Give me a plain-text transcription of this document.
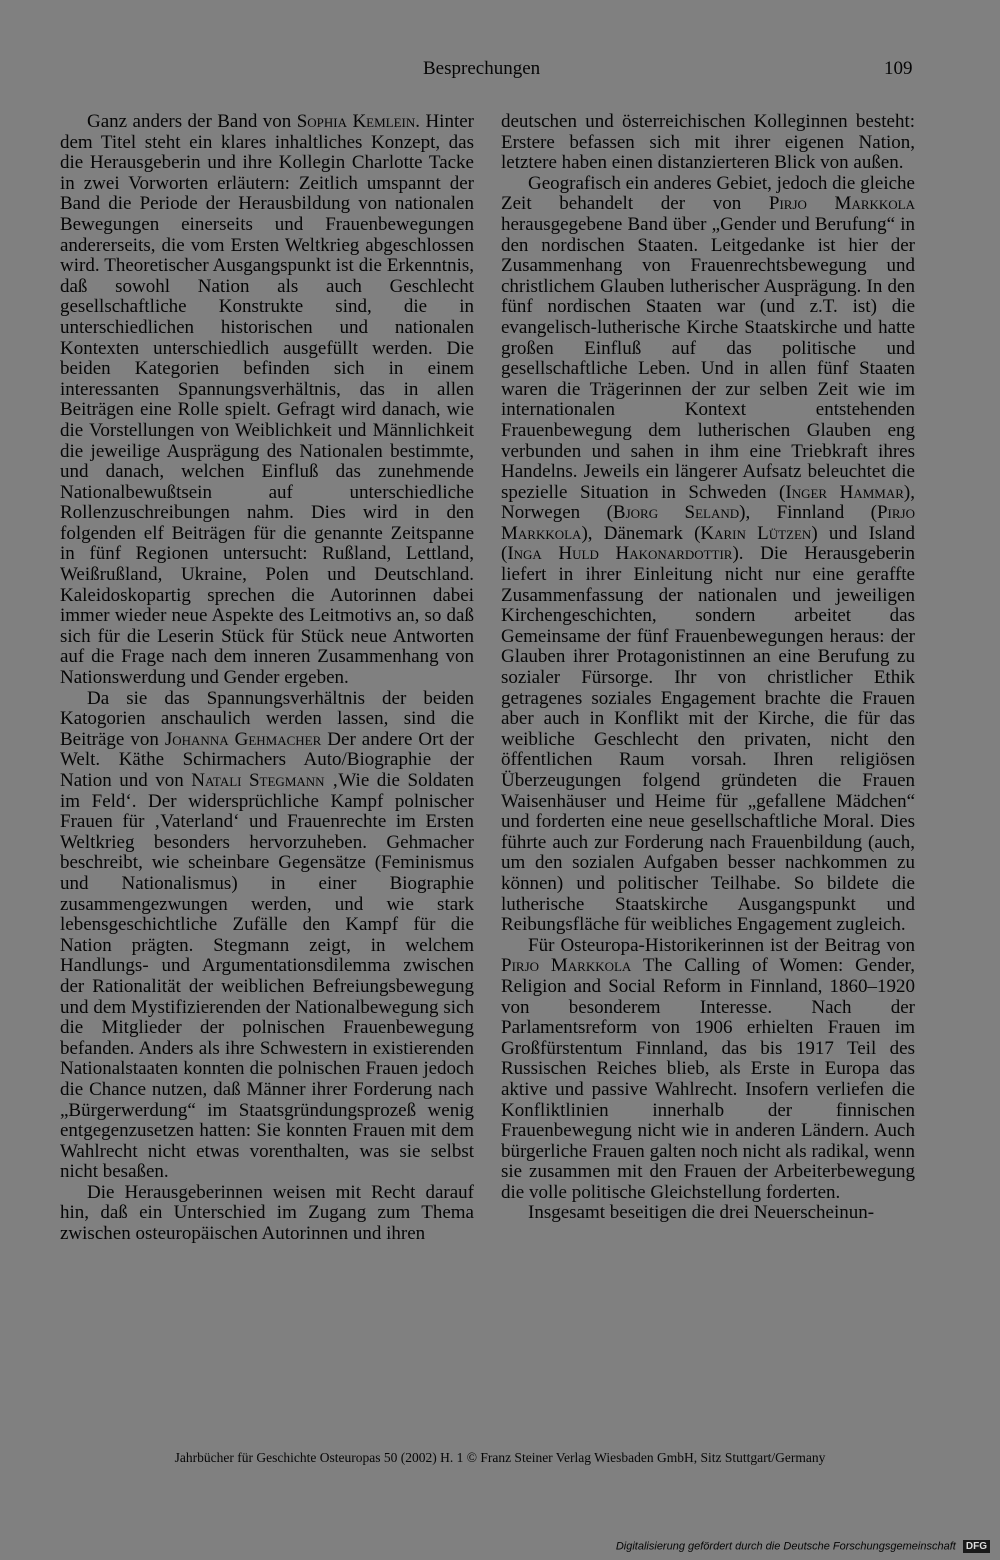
Besprechungen	109

Ganz anders der Band von Sophia Kemlein. Hinter dem Titel steht ein klares inhaltliches Konzept, das die Herausgeberin und ihre Kollegin Charlotte Tacke in zwei Vorworten erläutern: Zeitlich umspannt der Band die Periode der Herausbildung von nationalen Bewegungen einerseits und Frauenbewegungen andererseits, die vom Ersten Weltkrieg abgeschlossen wird. Theoretischer Ausgangspunkt ist die Erkenntnis, daß sowohl Nation als auch Geschlecht gesellschaftliche Konstrukte sind, die in unterschiedlichen historischen und nationalen Kontexten unterschiedlich ausgefüllt werden. Die beiden Kategorien befinden sich in einem interessanten Spannungsverhältnis, das in allen Beiträgen eine Rolle spielt. Gefragt wird danach, wie die Vorstellungen von Weiblichkeit und Männlichkeit die jeweilige Ausprägung des Nationalen bestimmte, und danach, welchen Einfluß das zunehmende Nationalbewußtsein auf unterschiedliche Rollenzuschreibungen nahm. Dies wird in den folgenden elf Beiträgen für die genannte Zeitspanne in fünf Regionen untersucht: Rußland, Lettland, Weißrußland, Ukraine, Polen und Deutschland. Kaleidoskopartig sprechen die Autorinnen dabei immer wieder neue Aspekte des Leitmotivs an, so daß sich für die Leserin Stück für Stück neue Antworten auf die Frage nach dem inneren Zusammenhang von Nationswerdung und Gender ergeben.

Da sie das Spannungsverhältnis der beiden Katogorien anschaulich werden lassen, sind die Beiträge von Johanna Gehmacher Der andere Ort der Welt. Käthe Schirmachers Auto/Biographie der Nation und von Natali Stegmann ‚Wie die Soldaten im Feld‘. Der widersprüchliche Kampf polnischer Frauen für ‚Vaterland‘ und Frauenrechte im Ersten Weltkrieg besonders hervorzuheben. Gehmacher beschreibt, wie scheinbare Gegensätze (Feminismus und Nationalismus) in einer Biographie zusammengezwungen werden, und wie stark lebensgeschichtliche Zufälle den Kampf für die Nation prägten. Stegmann zeigt, in welchem Handlungs- und Argumentationsdilemma zwischen der Rationalität der weiblichen Befreiungsbewegung und dem Mystifizierenden der Nationalbewegung sich die Mitglieder der polnischen Frauenbewegung befanden. Anders als ihre Schwestern in existierenden Nationalstaaten konnten die polnischen Frauen jedoch die Chance nutzen, daß Männer ihrer Forderung nach „Bürgerwerdung“ im Staatsgründungsprozeß wenig entgegenzusetzen hatten: Sie konnten Frauen mit dem Wahlrecht nicht etwas vorenthalten, was sie selbst nicht besaßen.

Die Herausgeberinnen weisen mit Recht darauf hin, daß ein Unterschied im Zugang zum Thema zwischen osteuropäischen Autorinnen und ihren

deutschen und österreichischen Kolleginnen besteht: Erstere befassen sich mit ihrer eigenen Nation, letztere haben einen distanzierteren Blick von außen.

Geografisch ein anderes Gebiet, jedoch die gleiche Zeit behandelt der von Pirjo Markkola herausgegebene Band über „Gender und Berufung“ in den nordischen Staaten. Leitgedanke ist hier der Zusammenhang von Frauenrechtsbewegung und christlichem Glauben lutherischer Ausprägung. In den fünf nordischen Staaten war (und z.T. ist) die evangelisch-lutherische Kirche Staatskirche und hatte großen Einfluß auf das politische und gesellschaftliche Leben. Und in allen fünf Staaten waren die Trägerinnen der zur selben Zeit wie im internationalen Kontext entstehenden Frauenbewegung dem lutherischen Glauben eng verbunden und sahen in ihm eine Triebkraft ihres Handelns. Jeweils ein längerer Aufsatz beleuchtet die spezielle Situation in Schweden (Inger Hammar), Norwegen (Bjorg Seland), Finnland (Pirjo Markkola), Dänemark (Karin Lützen) und Island (Inga Huld Hakonardottir). Die Herausgeberin liefert in ihrer Einleitung nicht nur eine geraffte Zusammenfassung der nationalen und jeweiligen Kirchengeschichten, sondern arbeitet das Gemeinsame der fünf Frauenbewegungen heraus: der Glauben ihrer Protagonistinnen an eine Berufung zu sozialer Fürsorge. Ihr von christlicher Ethik getragenes soziales Engagement brachte die Frauen aber auch in Konflikt mit der Kirche, die für das weibliche Geschlecht den privaten, nicht den öffentlichen Raum vorsah. Ihren religiösen Überzeugungen folgend gründeten die Frauen Waisenhäuser und Heime für „gefallene Mädchen“ und forderten eine neue gesellschaftliche Moral. Dies führte auch zur Forderung nach Frauenbildung (auch, um den sozialen Aufgaben besser nachkommen zu können) und politischer Teilhabe. So bildete die lutherische Staatskirche Ausgangspunkt und Reibungsfläche für weibliches Engagement zugleich.

Für Osteuropa-Historikerinnen ist der Beitrag von Pirjo Markkola The Calling of Women: Gender, Religion and Social Reform in Finnland, 1860–1920 von besonderem Interesse. Nach der Parlamentsreform von 1906 erhielten Frauen im Großfürstentum Finnland, das bis 1917 Teil des Russischen Reiches blieb, als Erste in Europa das aktive und passive Wahlrecht. Insofern verliefen die Konfliktlinien innerhalb der finnischen Frauenbewegung nicht wie in anderen Ländern. Auch bürgerliche Frauen galten noch nicht als radikal, wenn sie zusammen mit den Frauen der Arbeiterbewegung die volle politische Gleichstellung forderten.

Insgesamt beseitigen die drei Neuerscheinun-

Jahrbücher für Geschichte Osteuropas 50 (2002) H. 1 © Franz Steiner Verlag Wiesbaden GmbH, Sitz Stuttgart/Germany
Digitalisierung gefördert durch die Deutsche Forschungsgemeinschaft DFG
